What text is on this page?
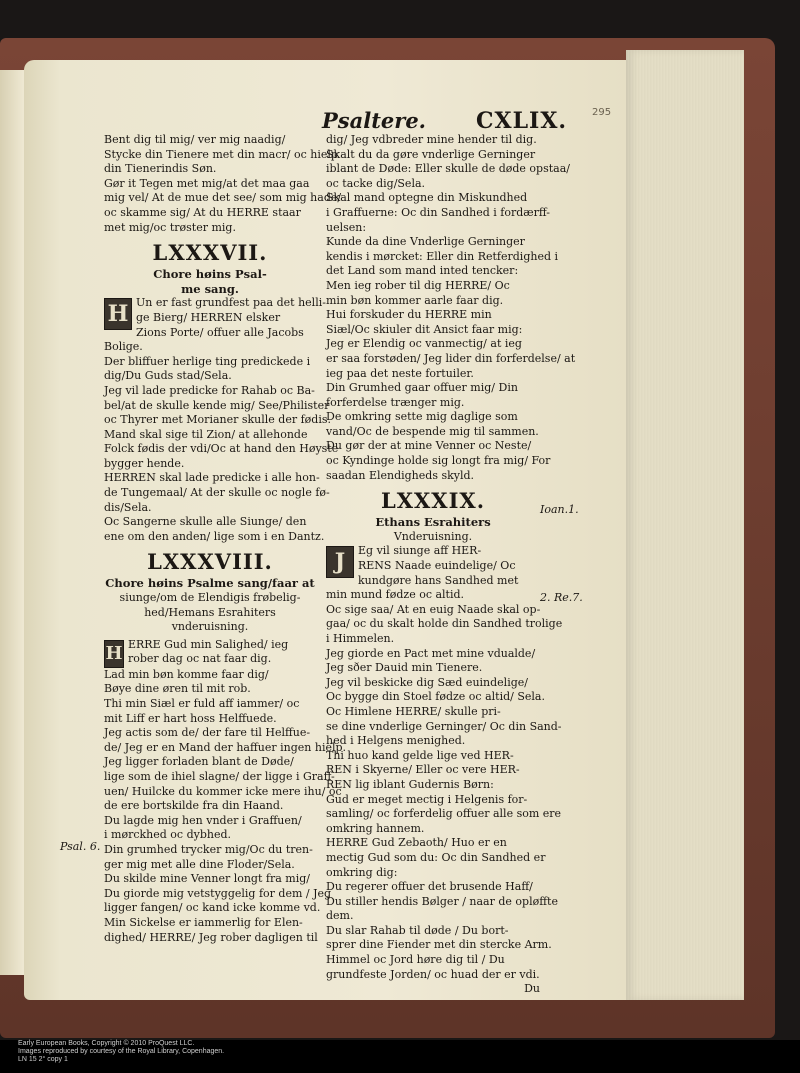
Psaltere. CXLIX. 295

Bent dig til mig/ ver mig naadig/

Stycke din Tienere met din macr/ oc hielp

din Tienerindis Søn.

Gør it Tegen met mig/at det maa gaa

mig vel/ At de mue det see/ som mig hade/

oc skamme sig/ At du HERRE staar

met mig/oc trøster mig.

LXXXVII.

Chore høins Psal-

me sang.

H Un er fast grundfest paa det helli-

ge Bierg/ HERREN elsker

Zions Porte/ offuer alle Jacobs

Bolige.

Der bliffuer herlige ting predickede i

dig/Du Guds stad/Sela.

Jeg vil lade predicke for Rahab oc Ba-

bel/at de skulle kende mig/ See/Philister

oc Thyrer met Morianer skulle der fødis.

Mand skal sige til Zion/ at allehonde

Folck fødis der vdi/Oc at hand den Høyste

bygger hende.

HERREN skal lade predicke i alle hon-

de Tungemaal/ At der skulle oc nogle fø-

dis/Sela.

Oc Sangerne skulle alle Siunge/ den

ene om den anden/ lige som i en Dantz.

LXXXVIII.

Chore høins Psalme sang/faar at

siunge/om de Elendigis frøbelig-

hed/Hemans Esrahiters

vnderuisning.

H ERRE Gud min Salighed/ ieg

rober dag oc nat faar dig.

Lad min bøn komme faar dig/

Bøye dine øren til mit rob.

Thi min Siæl er fuld aff iammer/ oc

mit Liff er hart hoss Helffuede.

Jeg actis som de/ der fare til Helffue-

de/ Jeg er en Mand der haffuer ingen hielp.

Jeg ligger forladen blant de Døde/

lige som de ihiel slagne/ der ligge i Graff-

uen/ Huilcke du kommer icke mere ihu/ oc

de ere bortskilde fra din Haand.

Du lagde mig hen vnder i Graffuen/

i mørckhed oc dybhed.

Din grumhed trycker mig/Oc du tren-

ger mig met alle dine Floder/Sela.

Du skilde mine Venner longt fra mig/

Du giorde mig vetstyggelig for dem / Jeg

ligger fangen/ oc kand icke komme vd.

Min Sickelse er iammerlig for Elen-

dighed/ HERRE/ Jeg rober dagligen til

dig/ Jeg vdbreder mine hender til dig.

Skalt du da gøre vnderlige Gerninger

iblant de Døde: Eller skulle de døde opstaa/

oc tacke dig/Sela.

Skal mand optegne din Miskundhed

i Graffuerne: Oc din Sandhed i fordærff-

uelsen:

Kunde da dine Vnderlige Gerninger

kendis i mørcket: Eller din Retferdighed i

det Land som mand inted tencker:

Men ieg rober til dig HERRE/ Oc

min bøn kommer aarle faar dig.

Hui forskuder du HERRE min

Siæl/Oc skiuler dit Ansict faar mig:

Jeg er Elendig oc vanmectig/ at ieg

er saa forstøden/ Jeg lider din forferdelse/ at

ieg paa det neste fortuiler.

Din Grumhed gaar offuer mig/ Din

forferdelse trænger mig.

De omkring sette mig daglige som

vand/Oc de bespende mig til sammen.

Du gør der at mine Venner oc Neste/

oc Kyndinge holde sig longt fra mig/ For

saadan Elendigheds skyld.

LXXXIX.

Ethans Esrahiters

Vnderuisning.

J	Eg vil siunge aff HER-

RENS Naade euindelige/ Oc

kundgøre hans Sandhed met

min mund fødze oc altid.

Oc sige saa/ At en euig Naade skal op-

gaa/ oc du skalt holde din Sandhed trolige

i Himmelen.

Jeg giorde en Pact met mine vdualde/

Jeg sðer Dauid min Tienere.

Jeg vil beskicke dig Sæd euindelige/

Oc bygge din Stoel fødze oc altid/ Sela.

Oc Himlene HERRE/ skulle pri-

se dine vnderlige Gerninger/ Oc din Sand-

hed i Helgens menighed.

Thi huo kand gelde lige ved HER-

REN i Skyerne/ Eller oc vere HER-

REN lig iblant Gudernis Børn:

Gud er meget mectig i Helgenis for-

samling/ oc forferdelig offuer alle som ere

omkring hannem.

HERRE Gud Zebaoth/ Huo er en

mectig Gud som du: Oc din Sandhed er

omkring dig:

Du regerer offuer det brusende Haff/

Du stiller hendis Bølger / naar de opløffte

dem.

Du slar Rahab til døde / Du bort-

sprer dine Fiender met din stercke Arm.

Himmel oc Jord høre dig til / Du

grundfeste Jorden/ oc huad der er vdi.

Du

Ioan.1.
2. Re.7.
Psal. 6.

Early European Books, Copyright © 2010 ProQuest LLC.

Images reproduced by courtesy of the Royal Library, Copenhagen.

LN 15 2° copy 1
